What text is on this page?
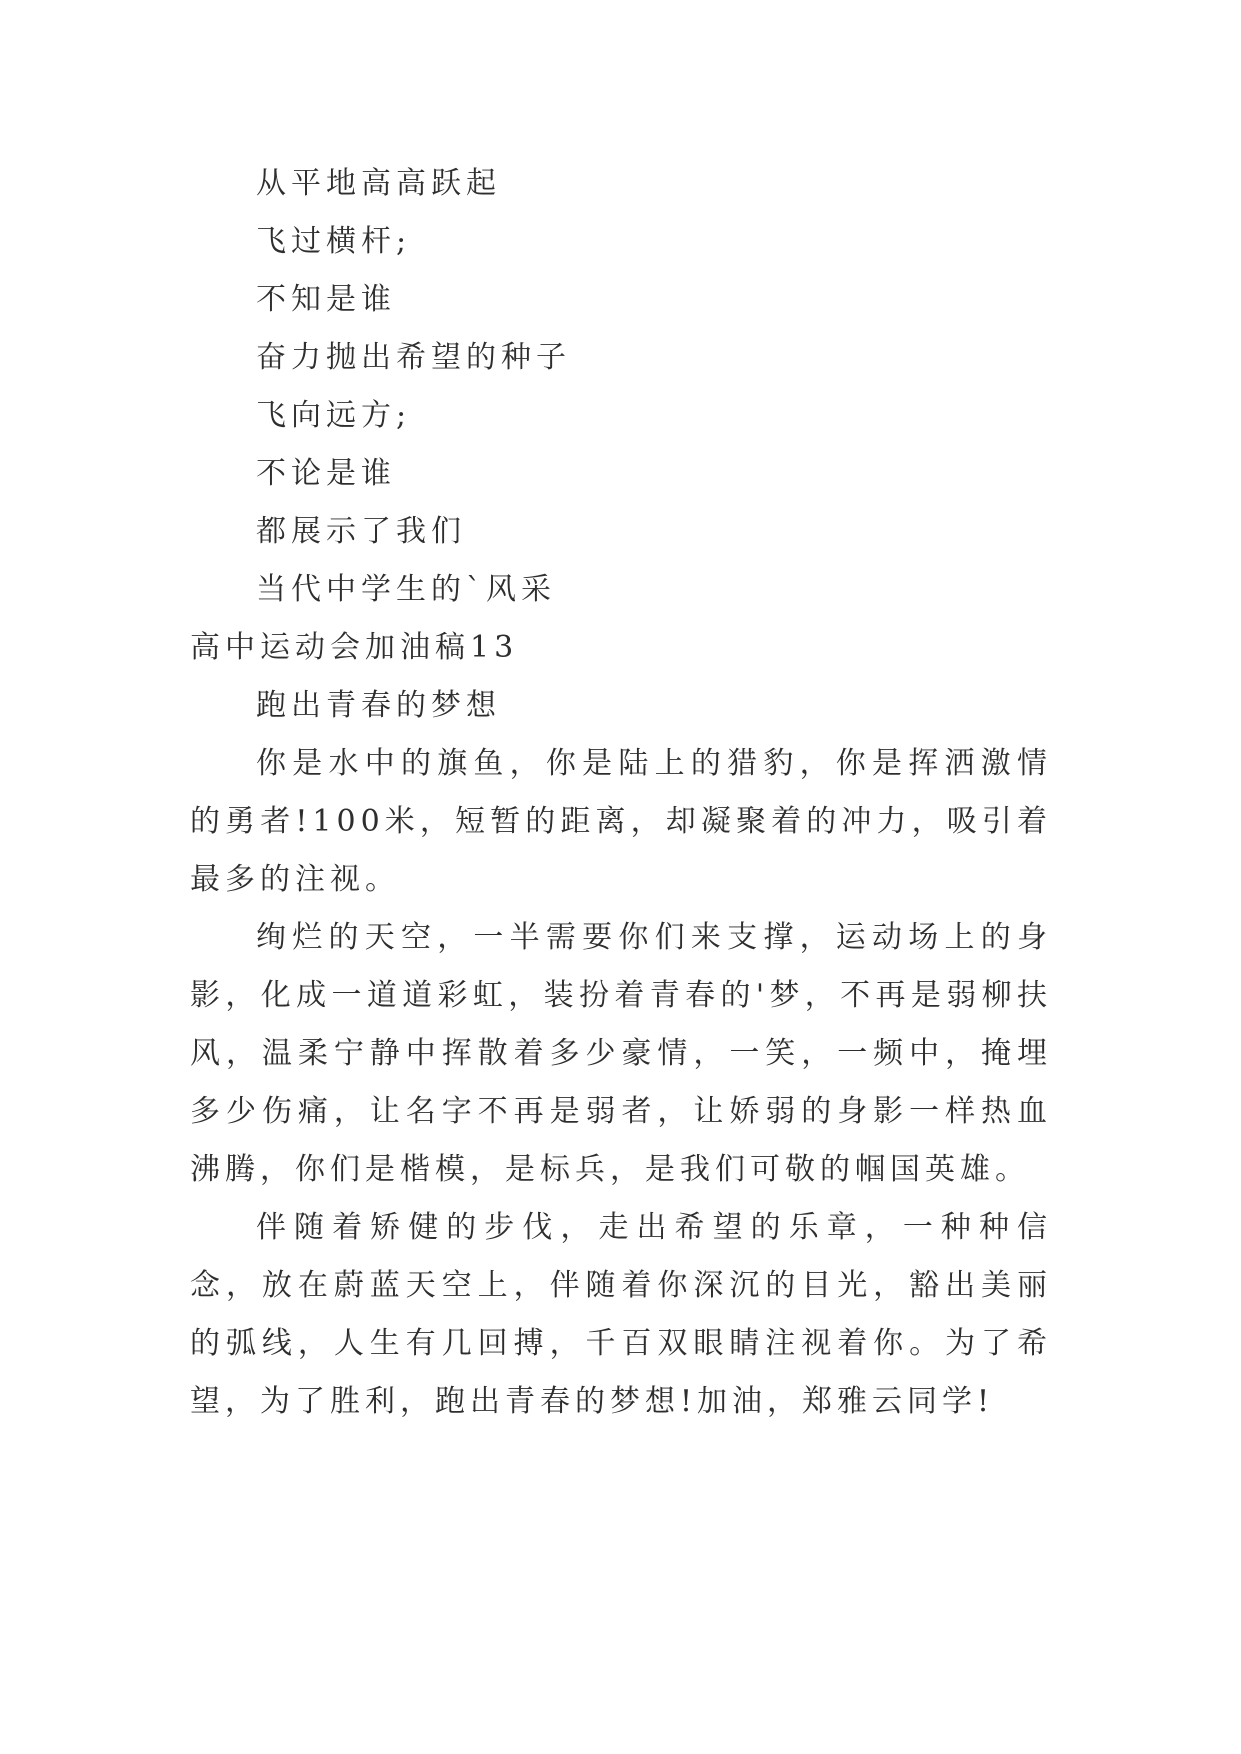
从平地高高跃起
飞过横杆;
不知是谁
奋力抛出希望的种子
飞向远方;
不论是谁
都展示了我们
当代中学生的`风采
高中运动会加油稿13
跑出青春的梦想
你是水中的旗鱼，你是陆上的猎豹，你是挥洒激情的勇者!100米，短暂的距离，却凝聚着的冲力，吸引着最多的注视。
绚烂的天空，一半需要你们来支撑，运动场上的身影，化成一道道彩虹，装扮着青春的'梦，不再是弱柳扶风，温柔宁静中挥散着多少豪情，一笑，一频中，掩埋多少伤痛，让名字不再是弱者，让娇弱的身影一样热血沸腾，你们是楷模，是标兵，是我们可敬的帼国英雄。
伴随着矫健的步伐，走出希望的乐章，一种种信念，放在蔚蓝天空上，伴随着你深沉的目光，豁出美丽的弧线，人生有几回搏，千百双眼睛注视着你。为了希望，为了胜利，跑出青春的梦想!加油，郑雅云同学!
